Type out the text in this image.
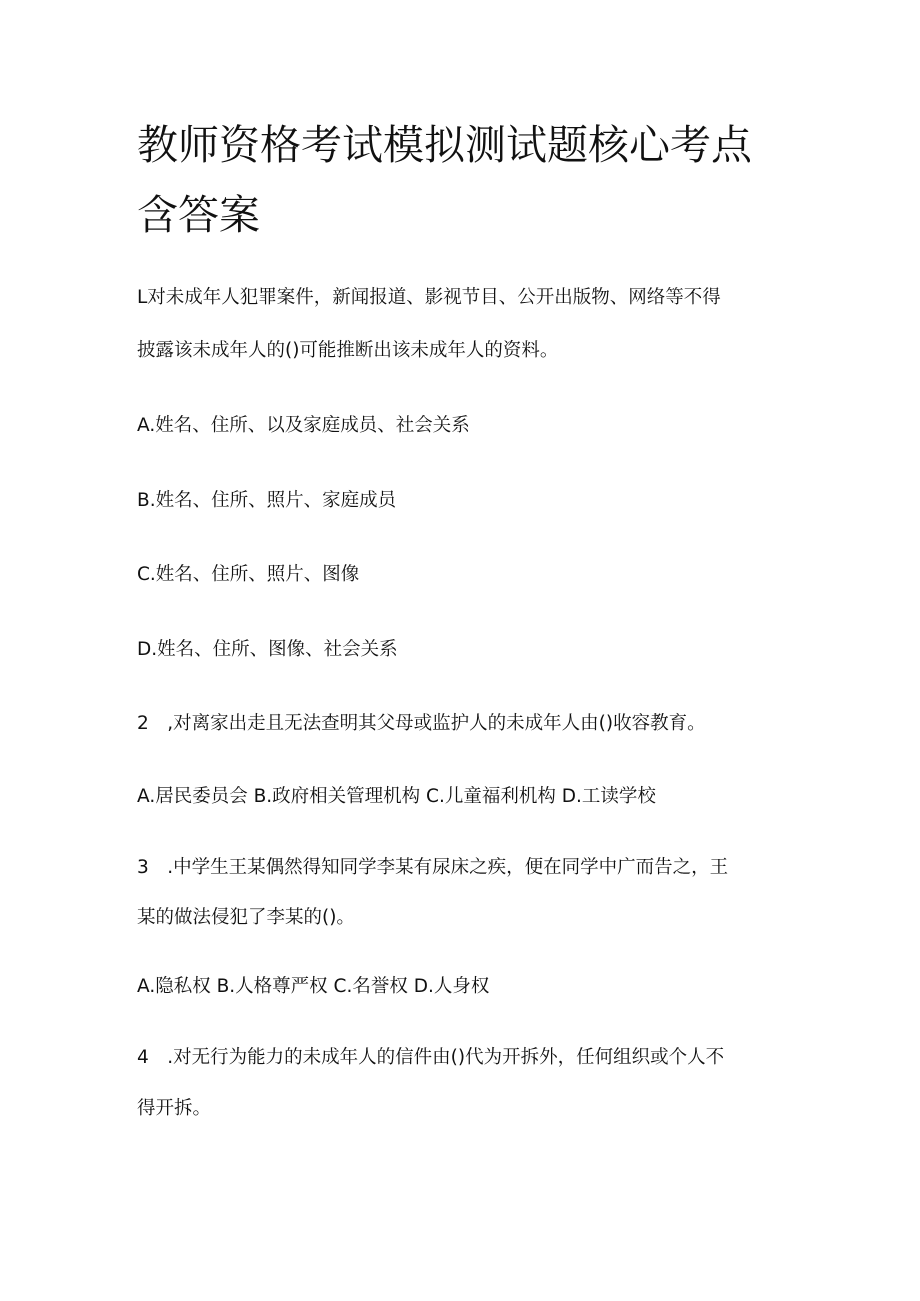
教师资格考试模拟测试题核心考点
含答案

L对未成年人犯罪案件，新闻报道、影视节目、公开出版物、网络等不得

披露该未成年人的()可能推断出该未成年人的资料。

A.姓名、住所、以及家庭成员、社会关系

B.姓名、住所、照片、家庭成员

C.姓名、住所、照片、图像

D.姓名、住所、图像、社会关系

2　,对离家出走且无法查明其父母或监护人的未成年人由()收容教育。

A.居民委员会 B.政府相关管理机构 C.儿童福利机构 D.工读学校

3　.中学生王某偶然得知同学李某有尿床之疾，便在同学中广而告之，王

某的做法侵犯了李某的()。

A.隐私权 B.人格尊严权 C.名誉权 D.人身权

4　.对无行为能力的未成年人的信件由()代为开拆外，任何组织或个人不

得开拆。
